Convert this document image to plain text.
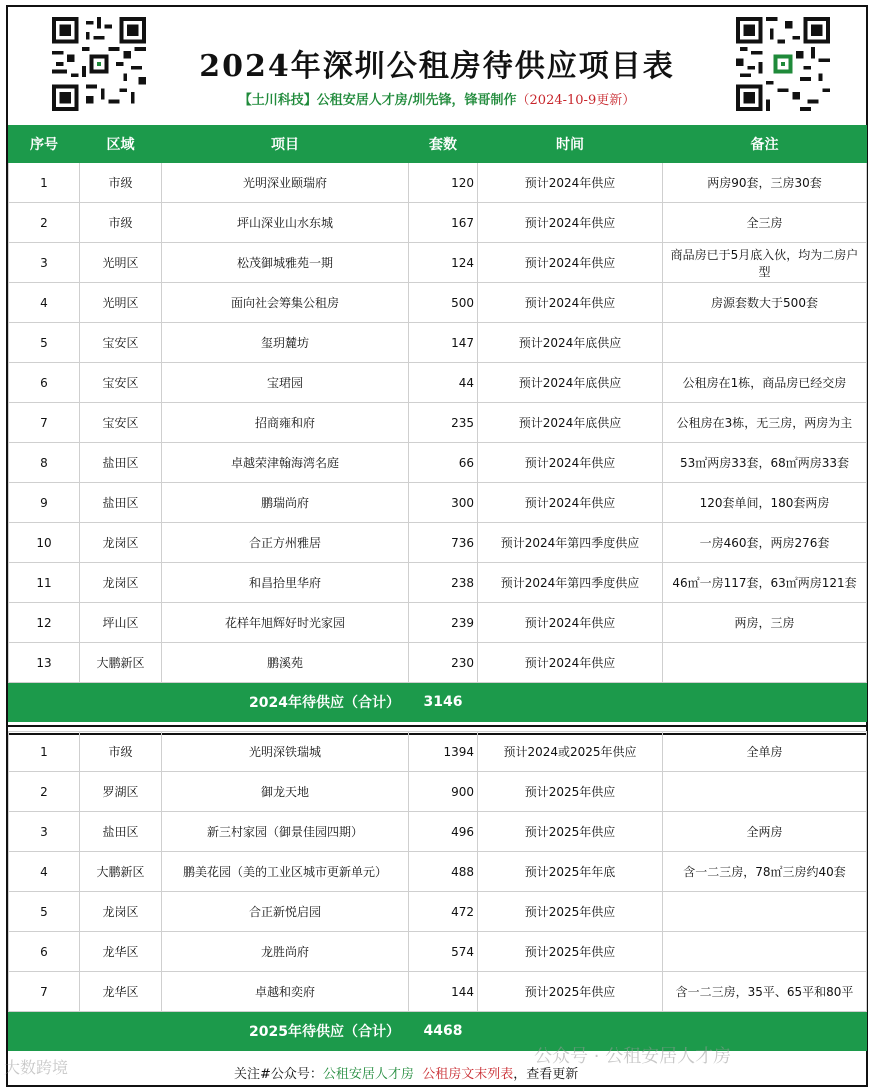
2024年深圳公租房待供应项目表
【土川科技】公租安居人才房/圳先锋，锋哥制作（2024-10-9更新）
序号	区域	项目	套数	时间	备注
1	市级	光明深业颐瑞府	120	预计2024年供应	两房90套，三房30套
2	市级	坪山深业山水东城	167	预计2024年供应	全三房
3	光明区	松茂御城雅苑一期	124	预计2024年供应	商品房已于5月底入伙，均为二房户型
4	光明区	面向社会筹集公租房	500	预计2024年供应	房源套数大于500套
5	宝安区	玺玥麓坊	147	预计2024年底供应	
6	宝安区	宝珺园	44	预计2024年底供应	公租房在1栋，商品房已经交房
7	宝安区	招商雍和府	235	预计2024年底供应	公租房在3栋，无三房，两房为主
8	盐田区	卓越荣津翰海湾名庭	66	预计2024年供应	53㎡两房33套，68㎡两房33套
9	盐田区	鹏瑞尚府	300	预计2024年供应	120套单间，180套两房
10	龙岗区	合正方州雅居	736	预计2024年第四季度供应	一房460套，两房276套
11	龙岗区	和昌拾里华府	238	预计2024年第四季度供应	46㎡一房117套，63㎡两房121套
12	坪山区	花样年旭辉好时光家园	239	预计2024年供应	两房，三房
13	大鹏新区	鹏溪苑	230	预计2024年供应	
2024年待供应（合计）			3146		
1	市级	光明深铁瑞城	1394	预计2024或2025年供应	全单房
2	罗湖区	御龙天地	900	预计2025年供应	
3	盐田区	新三村家园（御景佳园四期）	496	预计2025年供应	全两房
4	大鹏新区	鹏美花园（美的工业区城市更新单元）	488	预计2025年年底	含一二三房，78㎡三房约40套
5	龙岗区	合正新悦启园	472	预计2025年供应	
6	龙华区	龙胜尚府	574	预计2025年供应	
7	龙华区	卓越和奕府	144	预计2025年供应	含一二三房，35平、65平和80平
2025年待供应（合计）			4468		
关注#公众号：公租安居人才房 公租房文末列表，查看更新
大数跨境
公众号 · 公租安居人才房
